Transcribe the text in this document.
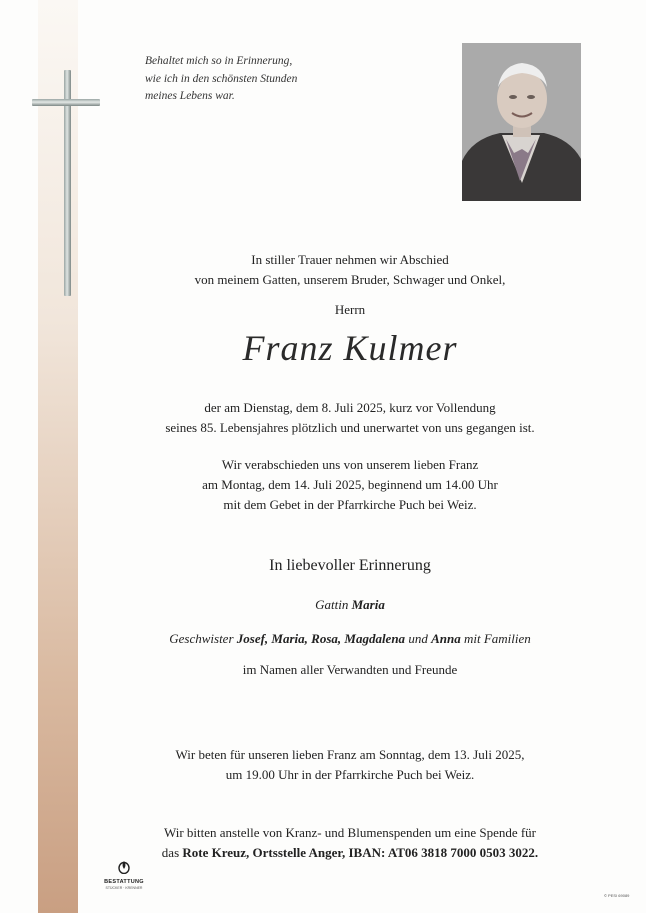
Behaltet mich so in Erinnerung,
wie ich in den schönsten Stunden
meines Lebens war.
In stiller Trauer nehmen wir Abschied
von meinem Gatten, unserem Bruder, Schwager und Onkel,
Herrn
Franz Kulmer
der am Dienstag, dem 8. Juli 2025, kurz vor Vollendung
seines 85. Lebensjahres plötzlich und unerwartet von uns gegangen ist.
Wir verabschieden uns von unserem lieben Franz
am Montag, dem 14. Juli 2025, beginnend um 14.00 Uhr
mit dem Gebet in der Pfarrkirche Puch bei Weiz.
In liebevoller Erinnerung
Gattin Maria
Geschwister Josef, Maria, Rosa, Magdalena und Anna mit Familien
im Namen aller Verwandten und Freunde
Wir beten für unseren lieben Franz am Sonntag, dem 13. Juli 2025,
um 19.00 Uhr in der Pfarrkirche Puch bei Weiz.
Wir bitten anstelle von Kranz- und Blumenspenden um eine Spende für
das Rote Kreuz, Ortsstelle Anger, IBAN: AT06 3818 7000 0503 3022.
BESTATTUNG
STÜCKER · KRENNER
© PESI 69089
